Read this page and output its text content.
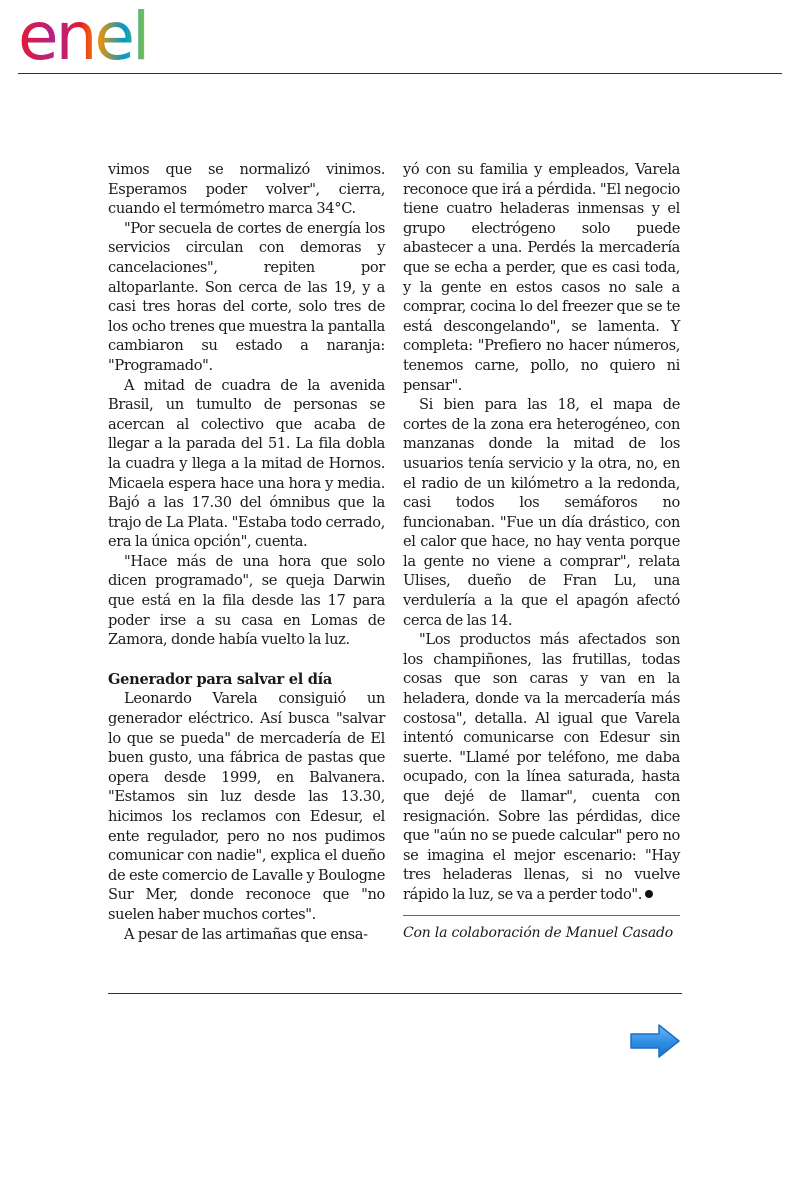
enel

vimos que se normalizó vinimos. Esperamos poder volver", cierra, cuando el termómetro marca 34°C.

"Por secuela de cortes de energía los servicios circulan con demoras y cancelaciones", repiten por altoparlante. Son cerca de las 19, y a casi tres horas del corte, solo tres de los ocho trenes que muestra la pantalla cambiaron su estado a naranja: "Programado".

A mitad de cuadra de la avenida Brasil, un tumulto de personas se acercan al colectivo que acaba de llegar a la parada del 51. La fila dobla la cuadra y llega a la mitad de Hornos. Micaela espera hace una hora y media. Bajó a las 17.30 del ómnibus que la trajo de La Plata. "Estaba todo cerrado, era la única opción", cuenta.

"Hace más de una hora que solo dicen programado", se queja Darwin que está en la fila desde las 17 para poder irse a su casa en Lomas de Zamora, donde había vuelto la luz.

Generador para salvar el día

Leonardo Varela consiguió un generador eléctrico. Así busca "salvar lo que se pueda" de mercadería de El buen gusto, una fábrica de pastas que opera desde 1999, en Balvanera. "Estamos sin luz desde las 13.30, hicimos los reclamos con Edesur, el ente regulador, pero no nos pudimos comunicar con nadie", explica el dueño de este comercio de Lavalle y Boulogne Sur Mer, donde reconoce que "no suelen haber muchos cortes".

A pesar de las artimañas que ensa-

yó con su familia y empleados, Varela reconoce que irá a pérdida. "El negocio tiene cuatro heladeras inmensas y el grupo electrógeno solo puede abastecer a una. Perdés la mercadería que se echa a perder, que es casi toda, y la gente en estos casos no sale a comprar, cocina lo del freezer que se te está descongelando", se lamenta. Y completa: "Prefiero no hacer números, tenemos carne, pollo, no quiero ni pensar".

Si bien para las 18, el mapa de cortes de la zona era heterogéneo, con manzanas donde la mitad de los usuarios tenía servicio y la otra, no, en el radio de un kilómetro a la redonda, casi todos los semáforos no funcionaban. "Fue un día drástico, con el calor que hace, no hay venta porque la gente no viene a comprar", relata Ulises, dueño de Fran Lu, una verdulería a la que el apagón afectó cerca de las 14.

"Los productos más afectados son los champiñones, las frutillas, todas cosas que son caras y van en la heladera, donde va la mercadería más costosa", detalla. Al igual que Varela intentó comunicarse con Edesur sin suerte. "Llamé por teléfono, me daba ocupado, con la línea saturada, hasta que dejé de llamar", cuenta con resignación. Sobre las pérdidas, dice que "aún no se puede calcular" pero no se imagina el mejor escenario: "Hay tres heladeras llenas, si no vuelve rápido la luz, se va a perder todo".

Con la colaboración de Manuel Casado
